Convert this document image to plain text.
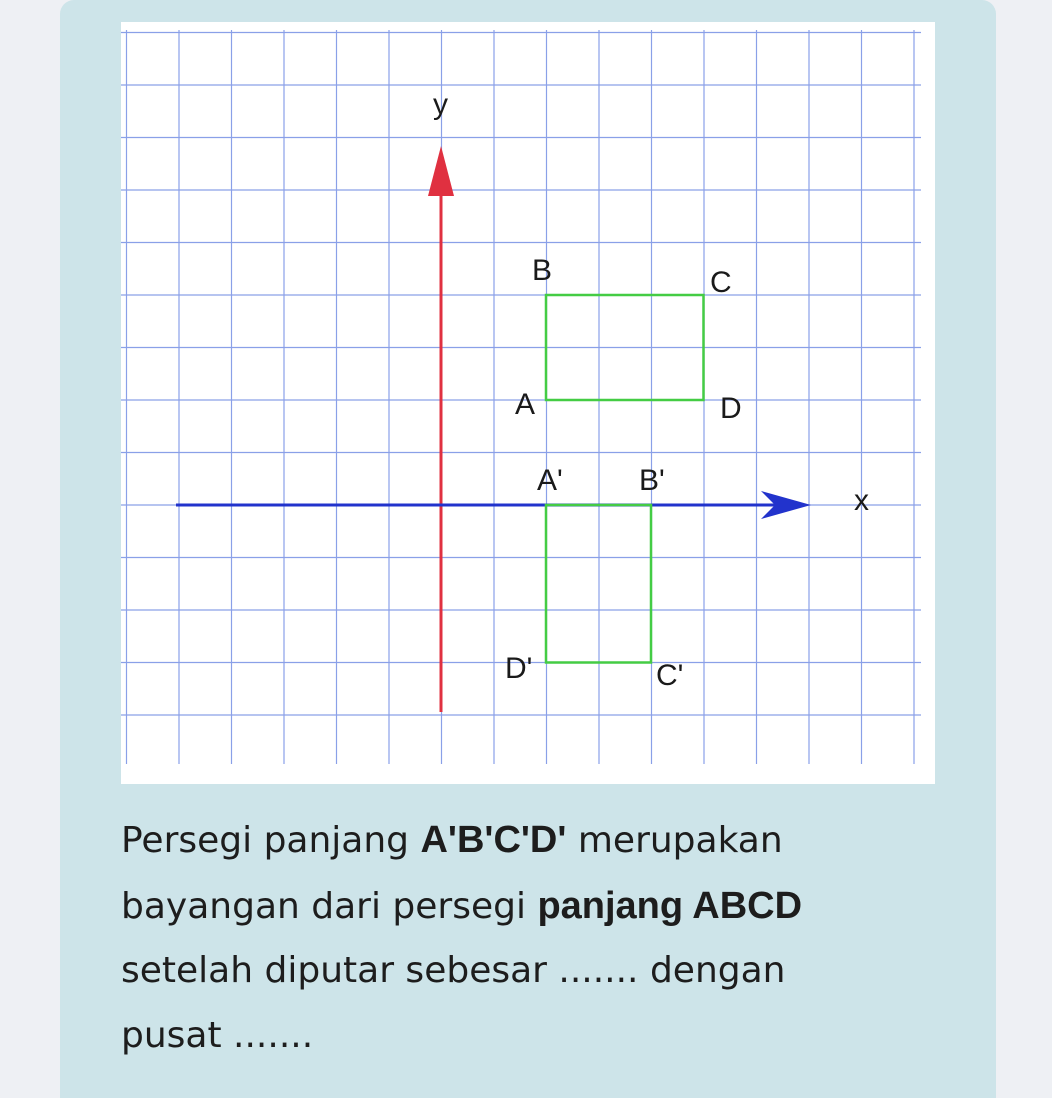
y
x
B	C
A	D
A'	B'
D'	C'
Persegi panjang A'B'C'D' merupakan
bayangan dari persegi panjang ABCD
setelah diputar sebesar ....... dengan
pusat .......
